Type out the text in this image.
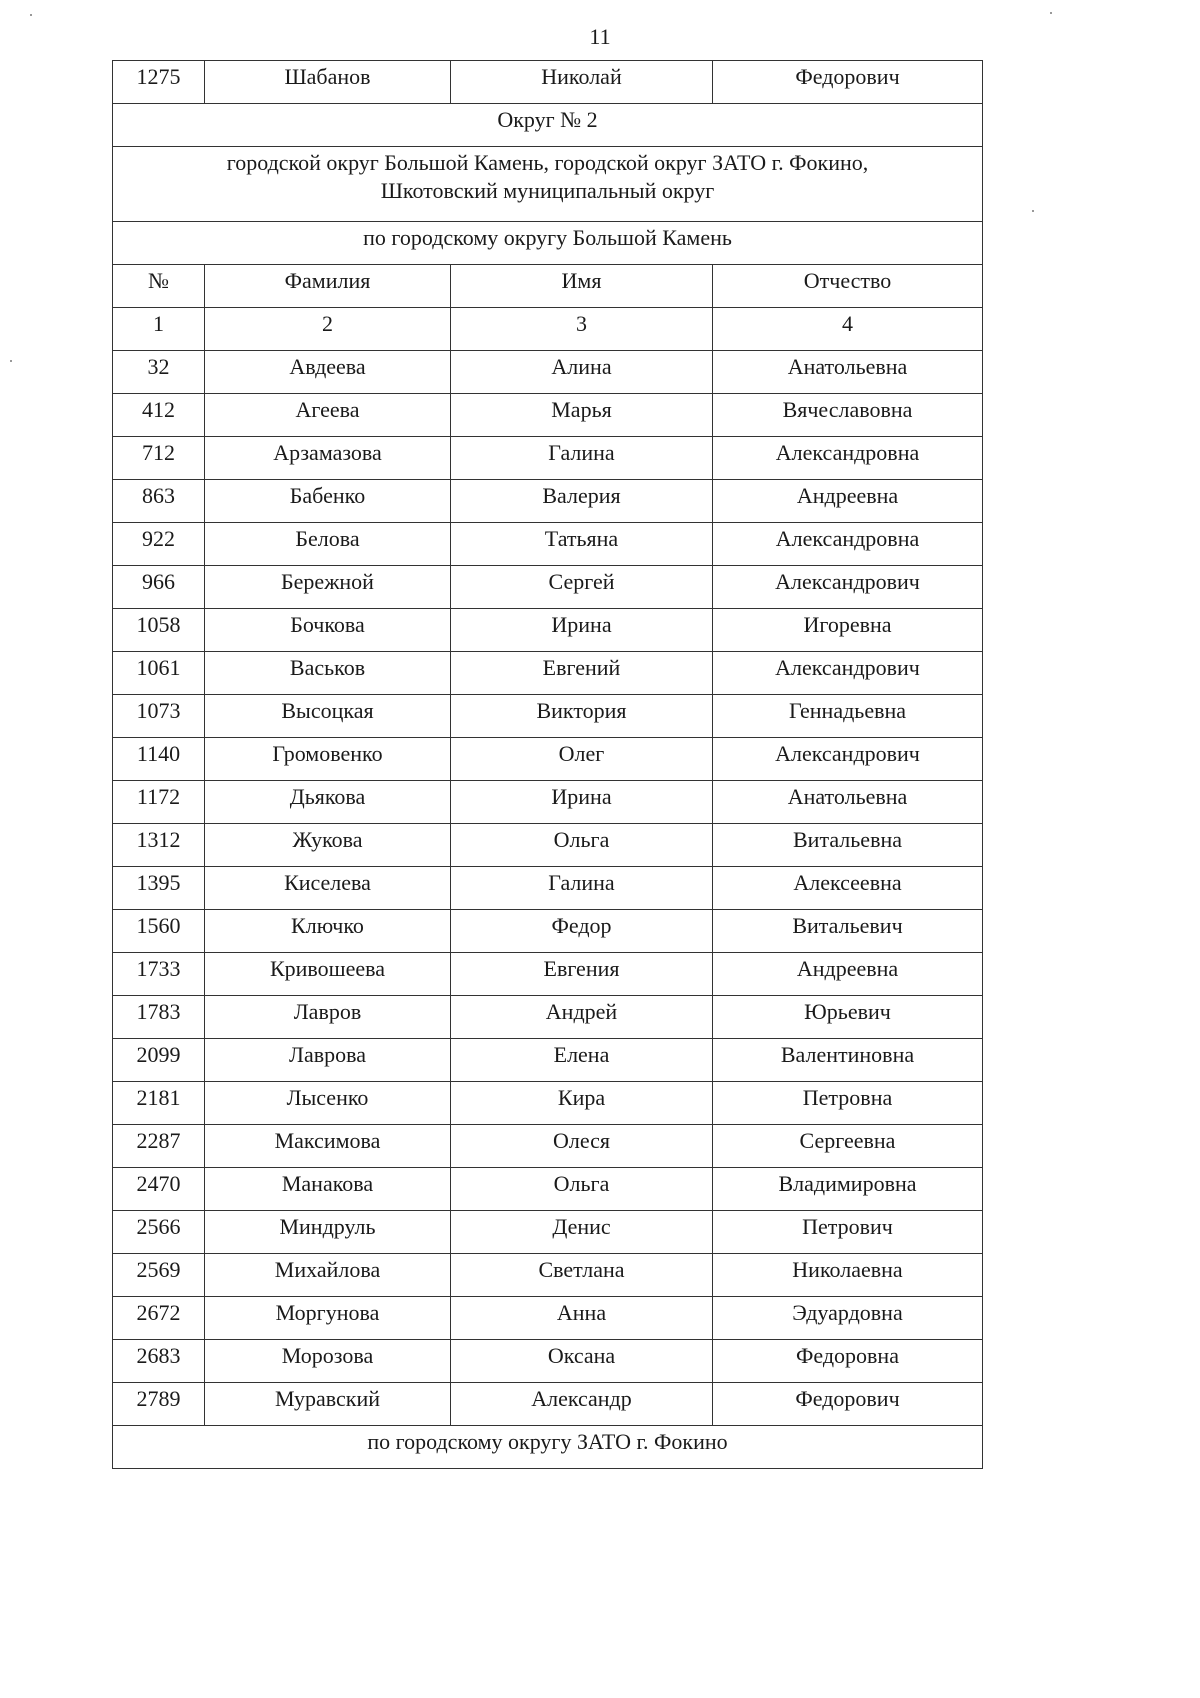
11
1275	Шабанов	Николай	Федорович
Округ № 2			

городской округ Большой Камень, городской округ ЗАТО г. Фокино,
Шкотовский муниципальный округ			

по городскому округу Большой Камень			
№	Фамилия	Имя	Отчество
1	2	3	4
32	Авдеева	Алина	Анатольевна
412	Агеева	Марья	Вячеславовна
712	Арзамазова	Галина	Александровна
863	Бабенко	Валерия	Андреевна
922	Белова	Татьяна	Александровна
966	Бережной	Сергей	Александрович
1058	Бочкова	Ирина	Игоревна
1061	Васьков	Евгений	Александрович
1073	Высоцкая	Виктория	Геннадьевна
1140	Громовенко	Олег	Александрович
1172	Дьякова	Ирина	Анатольевна
1312	Жукова	Ольга	Витальевна
1395	Киселева	Галина	Алексеевна
1560	Ключко	Федор	Витальевич
1733	Кривошеева	Евгения	Андреевна
1783	Лавров	Андрей	Юрьевич
2099	Лаврова	Елена	Валентиновна
2181	Лысенко	Кира	Петровна
2287	Максимова	Олеся	Сергеевна
2470	Манакова	Ольга	Владимировна
2566	Миндруль	Денис	Петрович
2569	Михайлова	Светлана	Николаевна
2672	Моргунова	Анна	Эдуардовна
2683	Морозова	Оксана	Федоровна
2789	Муравский	Александр	Федорович
по городскому округу ЗАТО г. Фокино			
